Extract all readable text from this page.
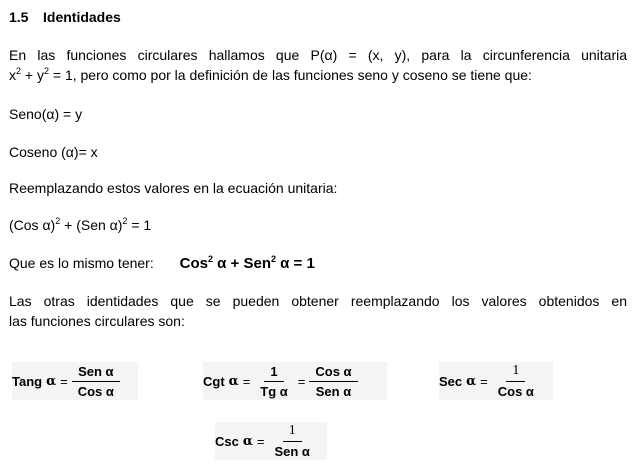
1.5 Identidades
En las funciones circulares hallamos que P(α) = (x, y), para la circunferencia unitaria
$x^2 + y^2 = 1$, pero como por la definición de las funciones seno y coseno se tiene que:
Seno(α) = y
Coseno (α)= x
Reemplazando estos valores en la ecuación unitaria:
(Cos α)$^2$ + (Sen α)$^2$ = 1
Que es lo mismo tener: Cos$^2$ α + Sen$^2$ α = 1
Las otras identidades que se pueden obtener reemplazando los valores obtenidos en
las funciones circulares son:
Tang $\alpha = \frac{\text{Sen α}}{\text{Cos α}}$	Cgt $\alpha = \frac{1}{\text{Tg α}} = \frac{\text{Cos α}}{\text{Sen α}}$	Sec $\alpha = \frac{1}{\text{Cos α}}$
Csc $\alpha = \frac{1}{\text{Sen α}}$
